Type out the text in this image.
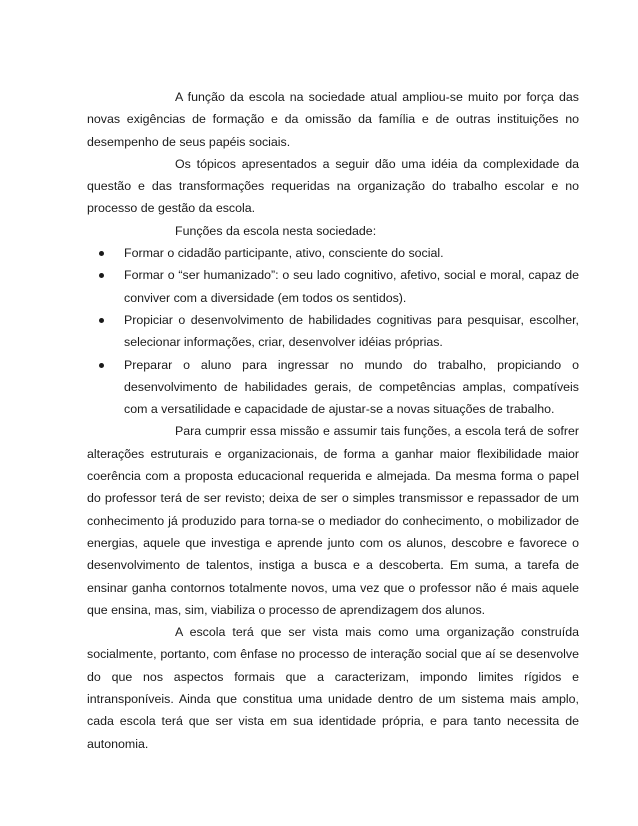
A função da escola na sociedade atual ampliou-se muito por força das novas exigências de formação e da omissão da família e de outras instituições no desempenho de seus papéis sociais.

Os tópicos apresentados a seguir dão uma idéia da complexidade da questão e das transformações requeridas na organização do trabalho escolar e no processo de gestão da escola.

Funções da escola nesta sociedade:

Formar o cidadão participante, ativo, consciente do social.
Formar o “ser humanizado”: o seu lado cognitivo, afetivo, social e moral, capaz de conviver com a diversidade (em todos os sentidos).
Propiciar o desenvolvimento de habilidades cognitivas para pesquisar, escolher, selecionar informações, criar, desenvolver idéias próprias.
Preparar o aluno para ingressar no mundo do trabalho, propiciando o desenvolvimento de habilidades gerais, de competências amplas, compatíveis com a versatilidade e capacidade de ajustar-se a novas situações de trabalho.

Para cumprir essa missão e assumir tais funções, a escola terá de sofrer alterações estruturais e organizacionais, de forma a ganhar maior flexibilidade maior coerência com a proposta educacional requerida e almejada. Da mesma forma o papel do professor terá de ser revisto; deixa de ser o simples transmissor e repassador de um conhecimento já produzido para torna-se o mediador do conhecimento, o mobilizador de energias, aquele que investiga e aprende junto com os alunos, descobre e favorece o desenvolvimento de talentos, instiga a busca e a descoberta. Em suma, a tarefa de ensinar ganha contornos totalmente novos, uma vez que o professor não é mais aquele que ensina, mas, sim, viabiliza o processo de aprendizagem dos alunos.

A escola terá que ser vista mais como uma organização construída socialmente, portanto, com ênfase no processo de interação social que aí se desenvolve do que nos aspectos formais que a caracterizam, impondo limites rígidos e intransponíveis. Ainda que constitua uma unidade dentro de um sistema mais amplo, cada escola terá que ser vista em sua identidade própria, e para tanto necessita de autonomia.
